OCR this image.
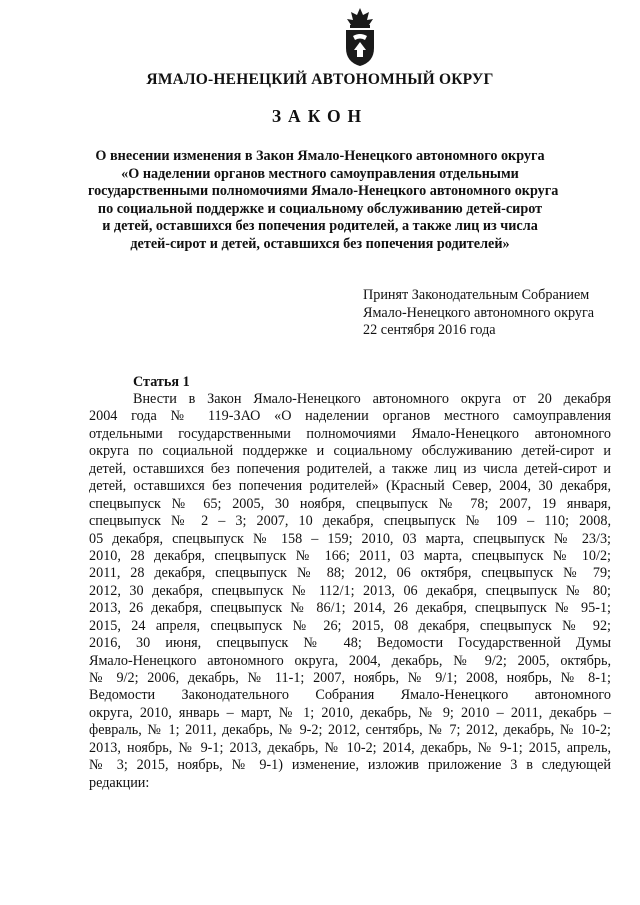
ЯМАЛО-НЕНЕЦКИЙ АВТОНОМНЫЙ ОКРУГ
ЗАКОН
О внесении изменения в Закон Ямало-Ненецкого автономного округа
«О наделении органов местного самоуправления отдельными
государственными полномочиями Ямало-Ненецкого автономного округа
по социальной поддержке и социальному обслуживанию детей-сирот
и детей, оставшихся без попечения родителей, а также лиц из числа
детей-сирот и детей, оставшихся без попечения родителей»
Принят Законодательным Собранием
Ямало-Ненецкого автономного округа
22 сентября 2016 года
Статья 1
Внести в Закон Ямало-Ненецкого автономного округа от 20 декабря
2004 года № 119-ЗАО «О наделении органов местного самоуправления
отдельными государственными полномочиями Ямало-Ненецкого автономного
округа по социальной поддержке и социальному обслуживанию детей-сирот и
детей, оставшихся без попечения родителей, а также лиц из числа детей-сирот и
детей, оставшихся без попечения родителей» (Красный Север, 2004, 30 декабря,
спецвыпуск № 65; 2005, 30 ноября, спецвыпуск № 78; 2007, 19 января,
спецвыпуск № 2 – 3; 2007, 10 декабря, спецвыпуск № 109 – 110; 2008,
05 декабря, спецвыпуск № 158 – 159; 2010, 03 марта, спецвыпуск № 23/3;
2010, 28 декабря, спецвыпуск № 166; 2011, 03 марта, спецвыпуск № 10/2;
2011, 28 декабря, спецвыпуск № 88; 2012, 06 октября, спецвыпуск № 79;
2012, 30 декабря, спецвыпуск № 112/1; 2013, 06 декабря, спецвыпуск № 80;
2013, 26 декабря, спецвыпуск № 86/1; 2014, 26 декабря, спецвыпуск № 95-1;
2015, 24 апреля, спецвыпуск № 26; 2015, 08 декабря, спецвыпуск № 92;
2016, 30 июня, спецвыпуск № 48; Ведомости Государственной Думы
Ямало-Ненецкого автономного округа, 2004, декабрь, № 9/2; 2005, октябрь,
№ 9/2; 2006, декабрь, № 11-1; 2007, ноябрь, № 9/1; 2008, ноябрь, № 8-1;
Ведомости Законодательного Собрания Ямало-Ненецкого автономного
округа, 2010, январь – март, № 1; 2010, декабрь, № 9; 2010 – 2011, декабрь –
февраль, № 1; 2011, декабрь, № 9-2; 2012, сентябрь, № 7; 2012, декабрь, № 10-2;
2013, ноябрь, № 9-1; 2013, декабрь, № 10-2; 2014, декабрь, № 9-1; 2015, апрель,
№ 3; 2015, ноябрь, № 9-1) изменение, изложив приложение 3 в следующей
редакции:
